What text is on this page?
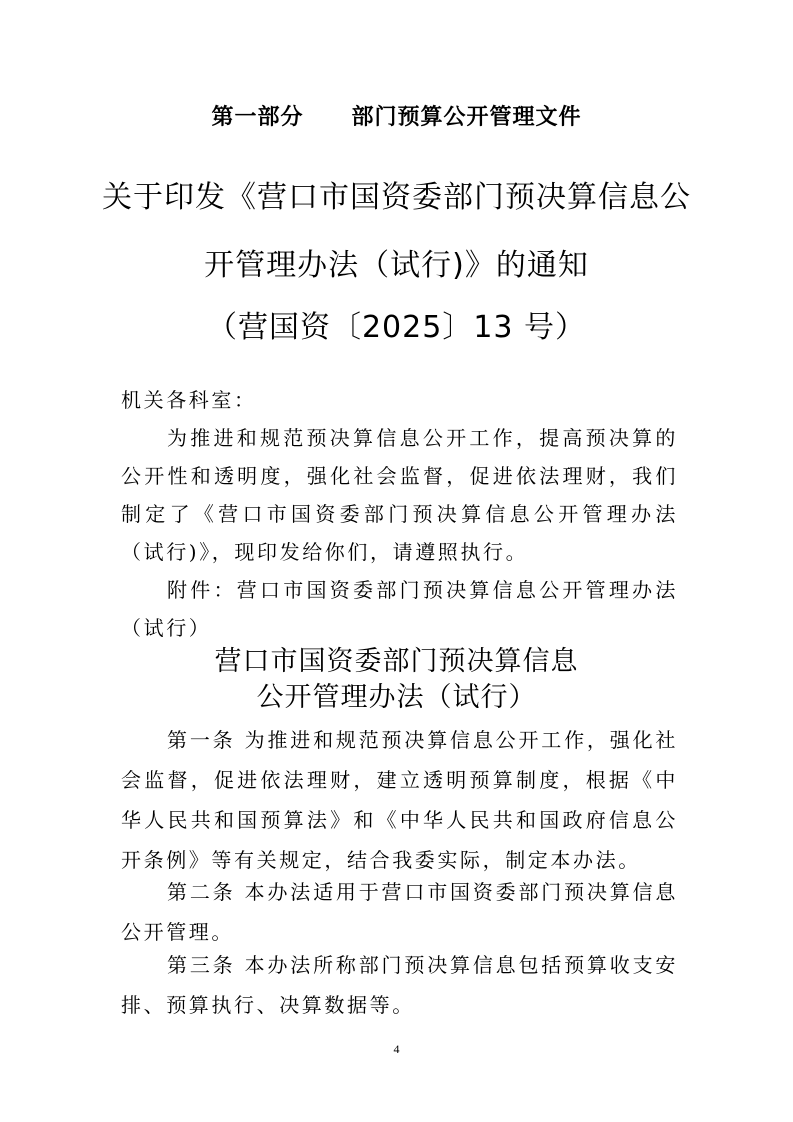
第一部分 部门预算公开管理文件
关于印发《营口市国资委部门预决算信息公
开管理办法（试行)》的通知
（营国资〔2025〕13 号）

机关各科室：

为推进和规范预决算信息公开工作，提高预决算的公开性和透明度，强化社会监督，促进依法理财，我们制定了《营口市国资委部门预决算信息公开管理办法（试行)》，现印发给你们，请遵照执行。

附件：营口市国资委部门预决算信息公开管理办法（试行）

营口市国资委部门预决算信息
公开管理办法（试行）

第一条 为推进和规范预决算信息公开工作，强化社会监督，促进依法理财，建立透明预算制度，根据《中华人民共和国预算法》和《中华人民共和国政府信息公开条例》等有关规定，结合我委实际，制定本办法。

第二条 本办法适用于营口市国资委部门预决算信息公开管理。

第三条 本办法所称部门预决算信息包括预算收支安排、预算执行、决算数据等。

4
